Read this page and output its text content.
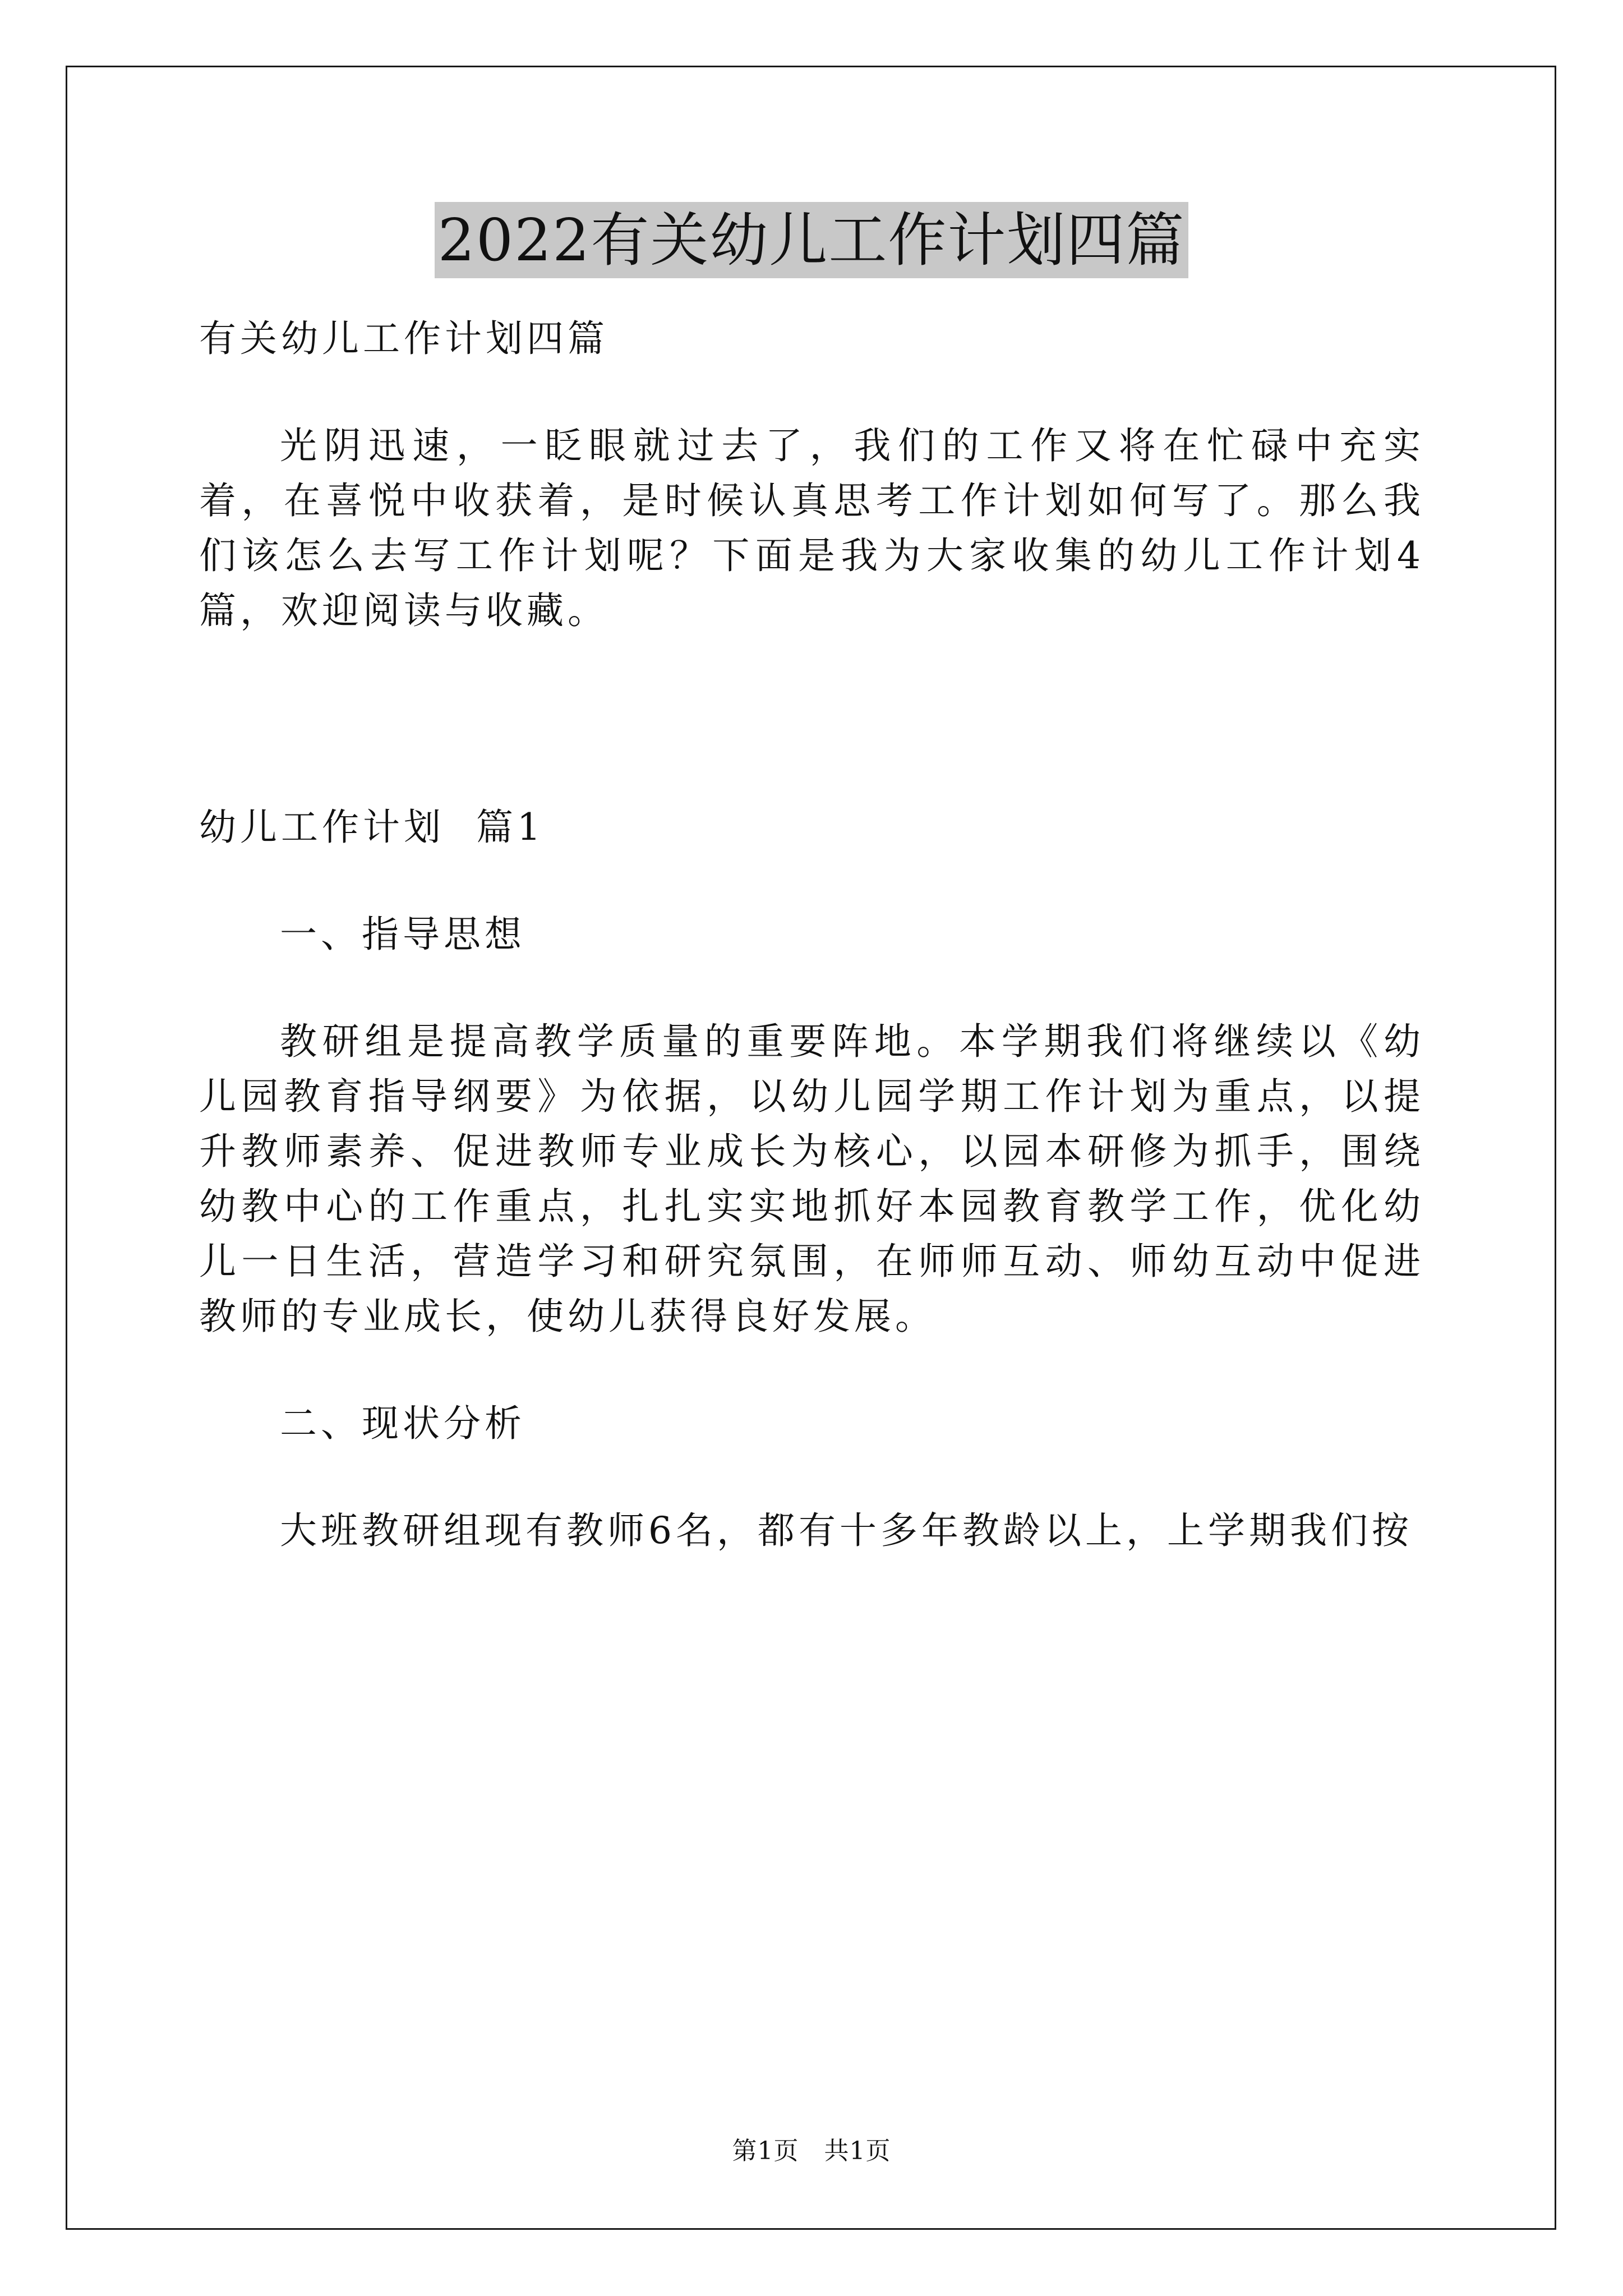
2022有关幼儿工作计划四篇

有关幼儿工作计划四篇

光阴迅速，一眨眼就过去了，我们的工作又将在忙碌中充实着，在喜悦中收获着，是时候认真思考工作计划如何写了。那么我们该怎么去写工作计划呢？下面是我为大家收集的幼儿工作计划4篇，欢迎阅读与收藏。

幼儿工作计划  篇1

一、指导思想

教研组是提高教学质量的重要阵地。本学期我们将继续以《幼儿园教育指导纲要》为依据，以幼儿园学期工作计划为重点，以提升教师素养、促进教师专业成长为核心，以园本研修为抓手，围绕幼教中心的工作重点，扎扎实实地抓好本园教育教学工作，优化幼儿一日生活，营造学习和研究氛围，在师师互动、师幼互动中促进教师的专业成长，使幼儿获得良好发展。

二、现状分析

大班教研组现有教师6名，都有十多年教龄以上，上学期我们按

第1页   共1页
